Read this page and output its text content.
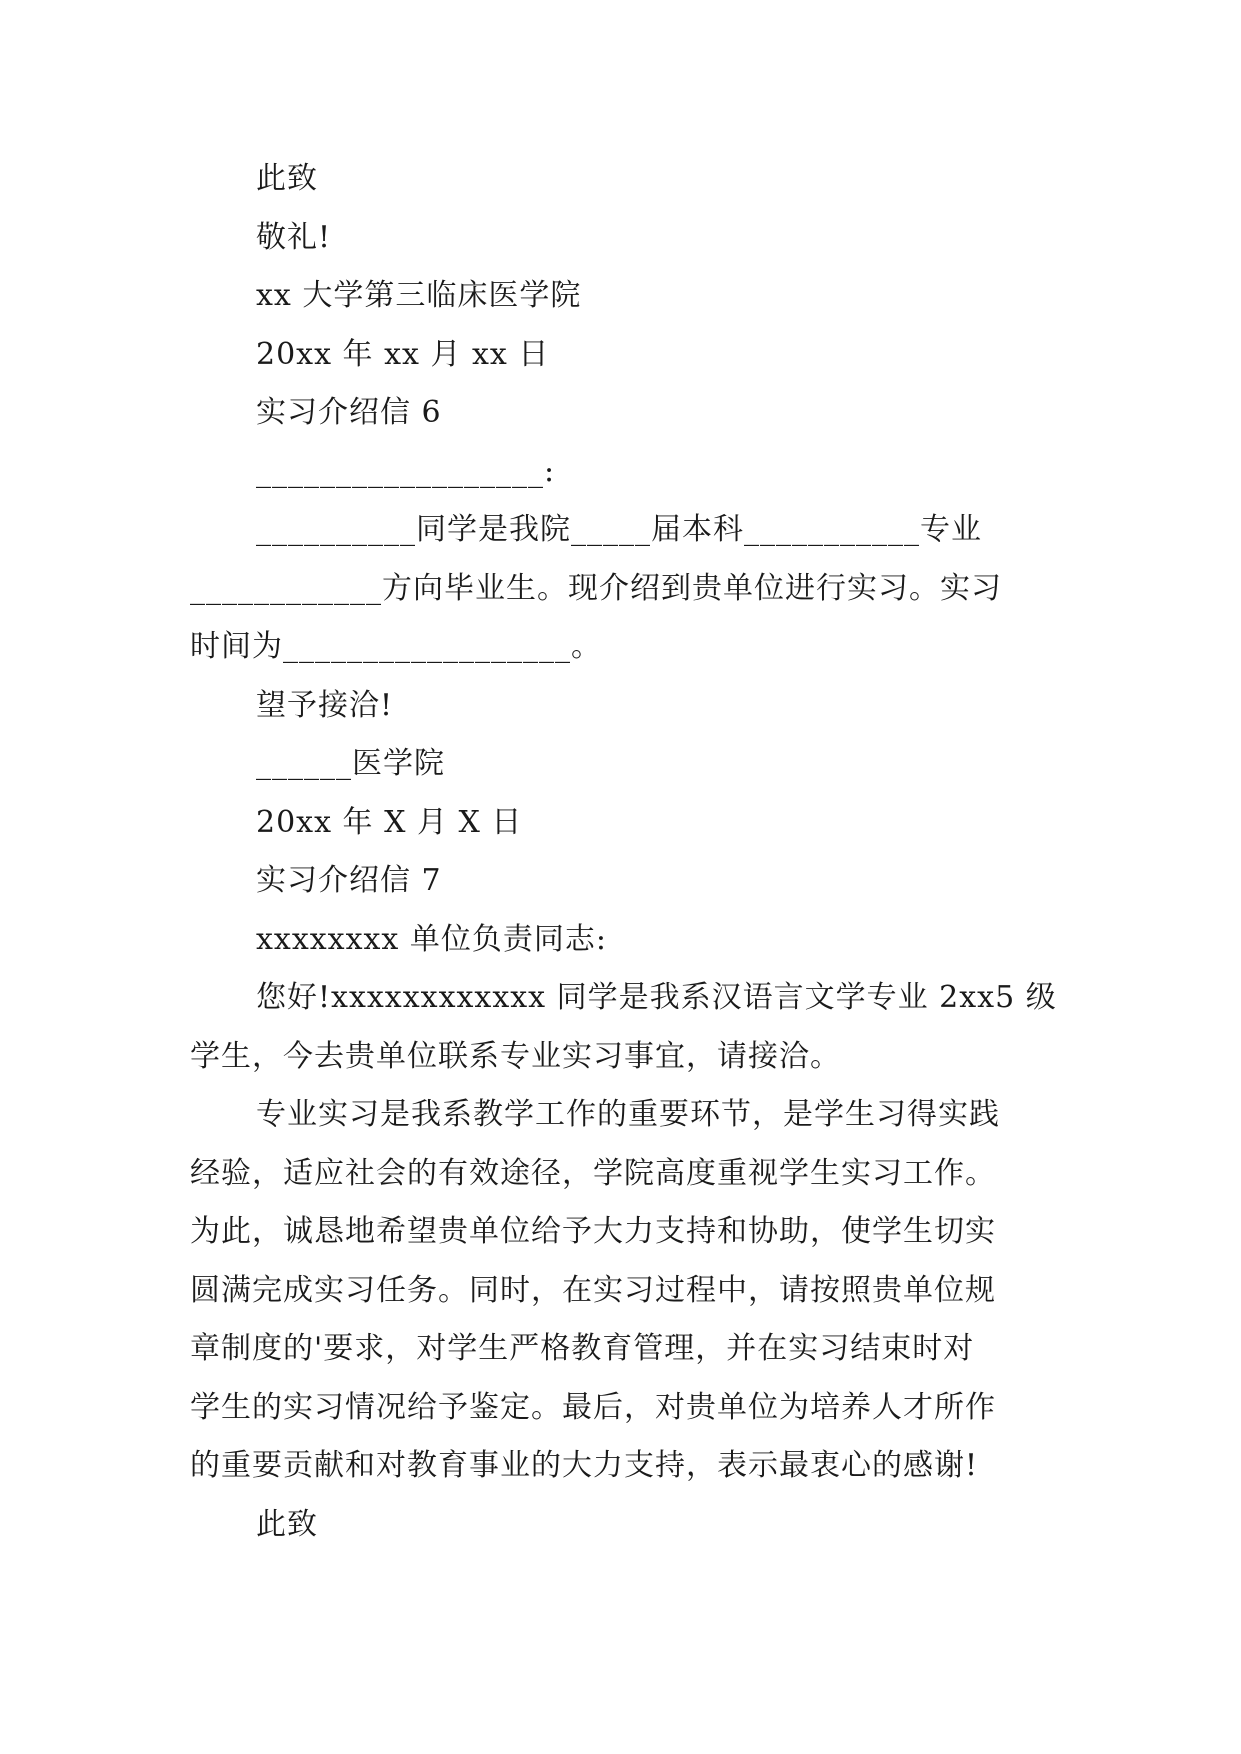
此致
敬礼!
xx 大学第三临床医学院
20xx 年 xx 月 xx 日
实习介绍信 6
__________________:
__________同学是我院_____届本科___________专业
____________方向毕业生。现介绍到贵单位进行实习。实习
时间为__________________。
望予接洽!
______医学院
20xx 年 X 月 X 日
实习介绍信 7
xxxxxxxx 单位负责同志:
您好!xxxxxxxxxxxx 同学是我系汉语言文学专业 2xx5 级
学生，今去贵单位联系专业实习事宜，请接洽。
专业实习是我系教学工作的重要环节，是学生习得实践
经验，适应社会的有效途径，学院高度重视学生实习工作。
为此，诚恳地希望贵单位给予大力支持和协助，使学生切实
圆满完成实习任务。同时，在实习过程中，请按照贵单位规
章制度的'要求，对学生严格教育管理，并在实习结束时对
学生的实习情况给予鉴定。最后，对贵单位为培养人才所作
的重要贡献和对教育事业的大力支持，表示最衷心的感谢!
此致
